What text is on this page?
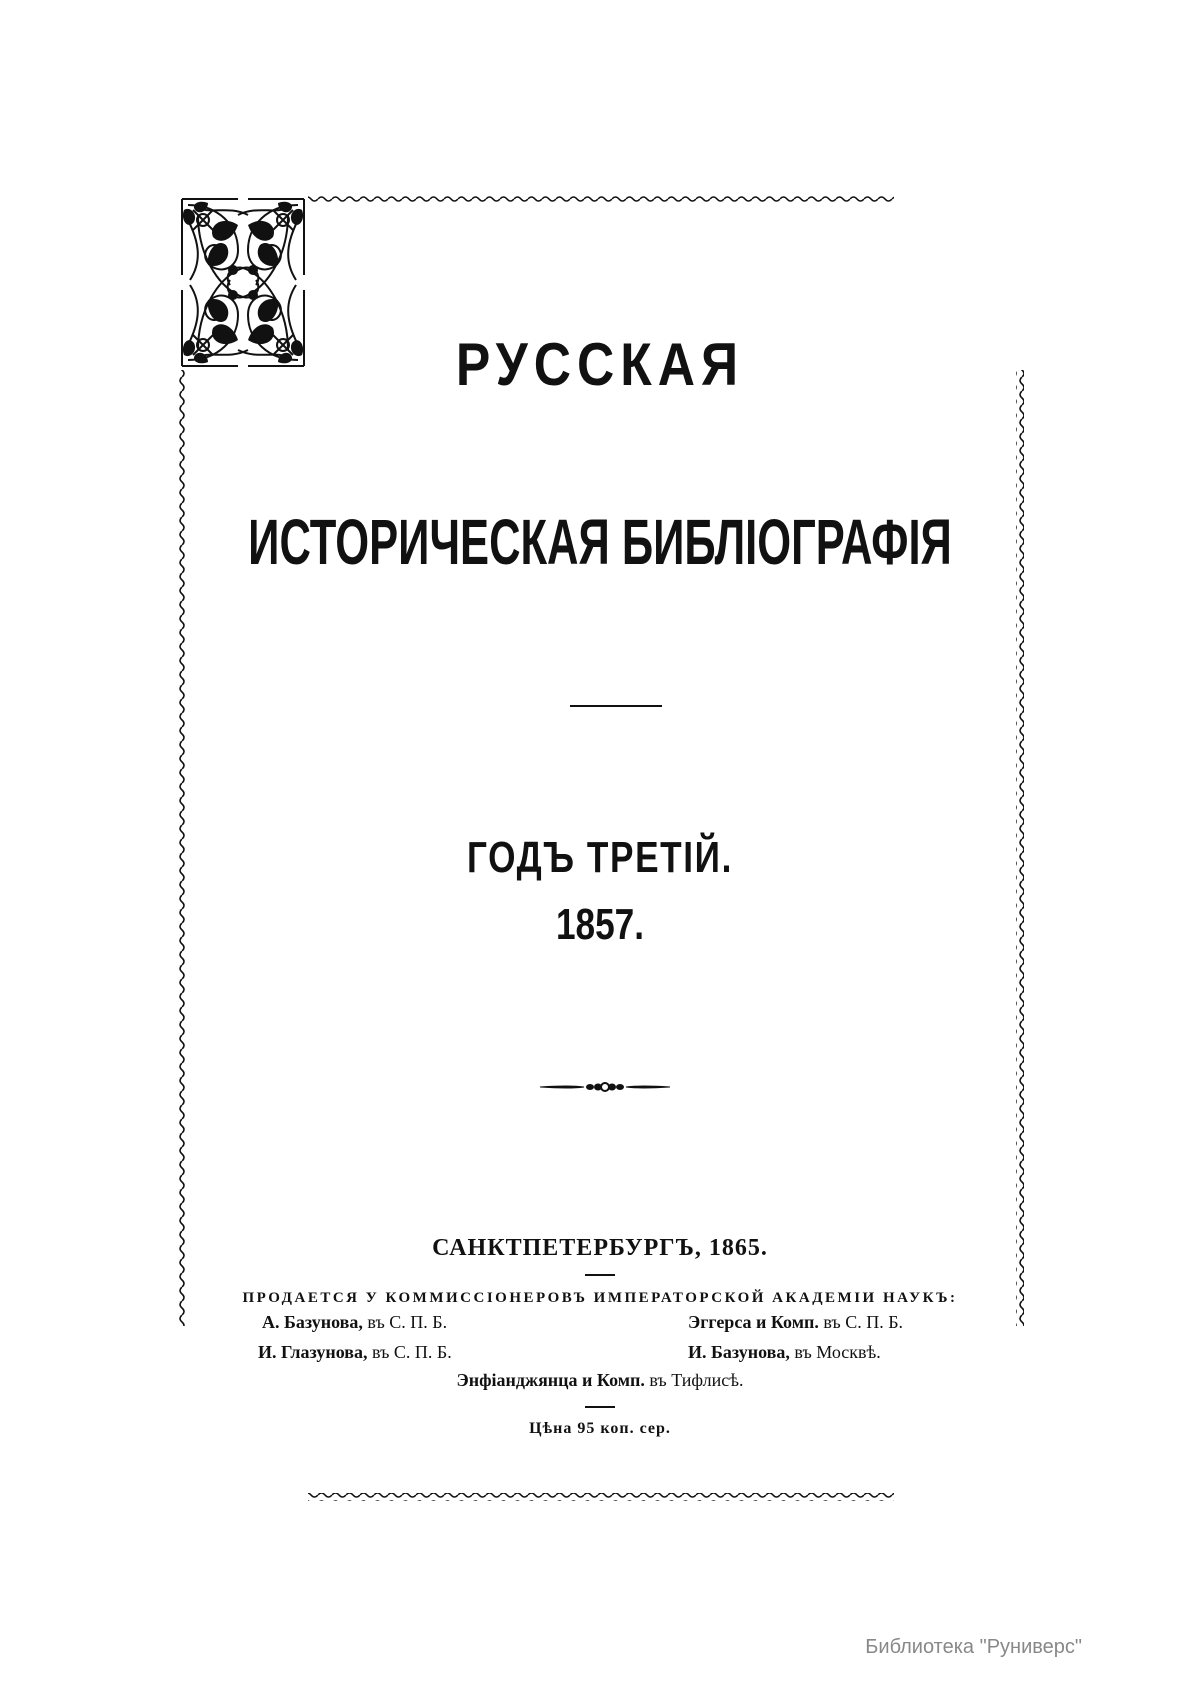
РУССКАЯ
ИСТОРИЧЕСКАЯ БИБЛІОГРАФІЯ
ГОДЪ ТРЕТІЙ.
1857.
САНКТПЕТЕРБУРГЪ, 1865.
ПРОДАЕТСЯ У КОММИССІОНЕРОВЪ ИМПЕРАТОРСКОЙ АКАДЕМІИ НАУКЪ:
А. Базунова, въ С. П. Б.	Эггерса и Комп. въ С. П. Б.
И. Глазунова, въ С. П. Б.	И. Базунова, въ Москвѣ.
Энфiанджянца и Комп. въ Тифлисѣ.
Цѣна 95 коп. сер.
Библиотека "Руниверс"
